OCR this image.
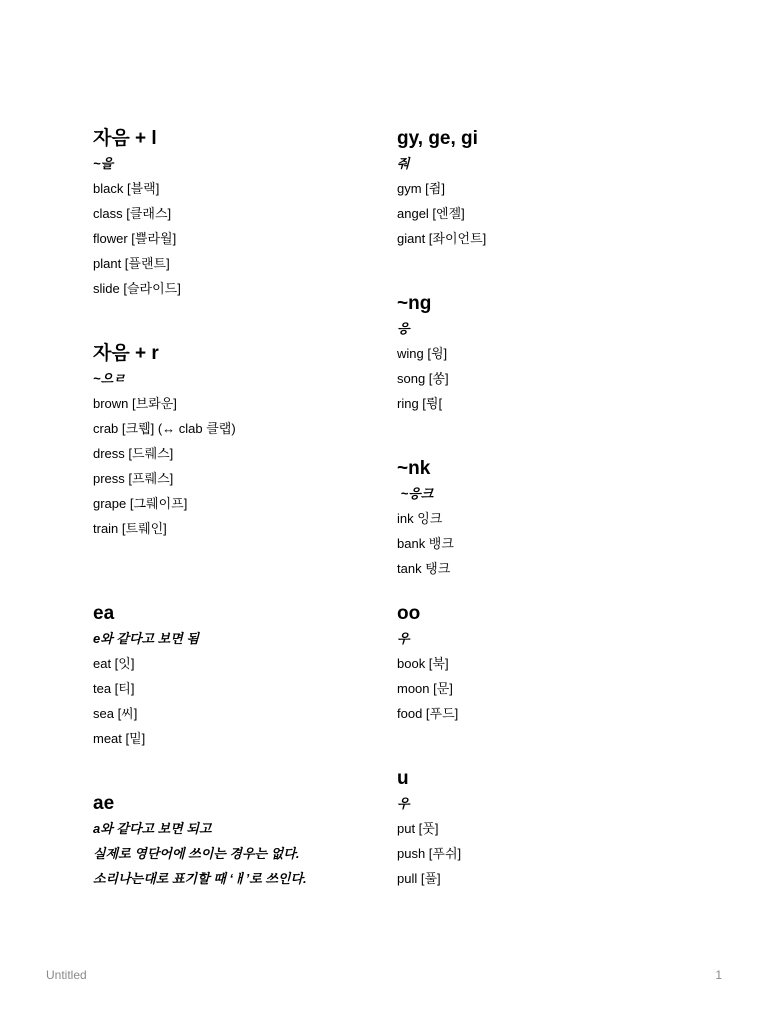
자음 + l
~을
black [블랙]
class [클래스]
flower [쁠라월]
plant [플랜트]
slide [슬라이드]
자음 + r
~으ㄹ
brown [브롸운]
crab [크뤱] (↔ clab 클랩)
dress [드뤠스]
press [프뤠스]
grape [그뤠이프]
train [트뤠인]
ea
e와 같다고 보면 됨
eat [잇]
tea [티]
sea [씨]
meat [밑]
ae
a와 같다고 보면 되고
실제로 영단어에 쓰이는 경우는 없다.
소리나는대로 표기할 때 ‘ㅐ’로 쓰인다.
gy, ge, gi
줘
gym [쥠]
angel [엔젤]
giant [좌이언트]
~ng
응
wing [윙]
song [쏭]
ring [륑[
~nk
~응크
ink 잉크
bank 뱅크
tank 탱크
oo
우
book [북]
moon [문]
food [푸드]
u
우
put [풋]
push [푸쉬]
pull [풀]
Untitled	1
